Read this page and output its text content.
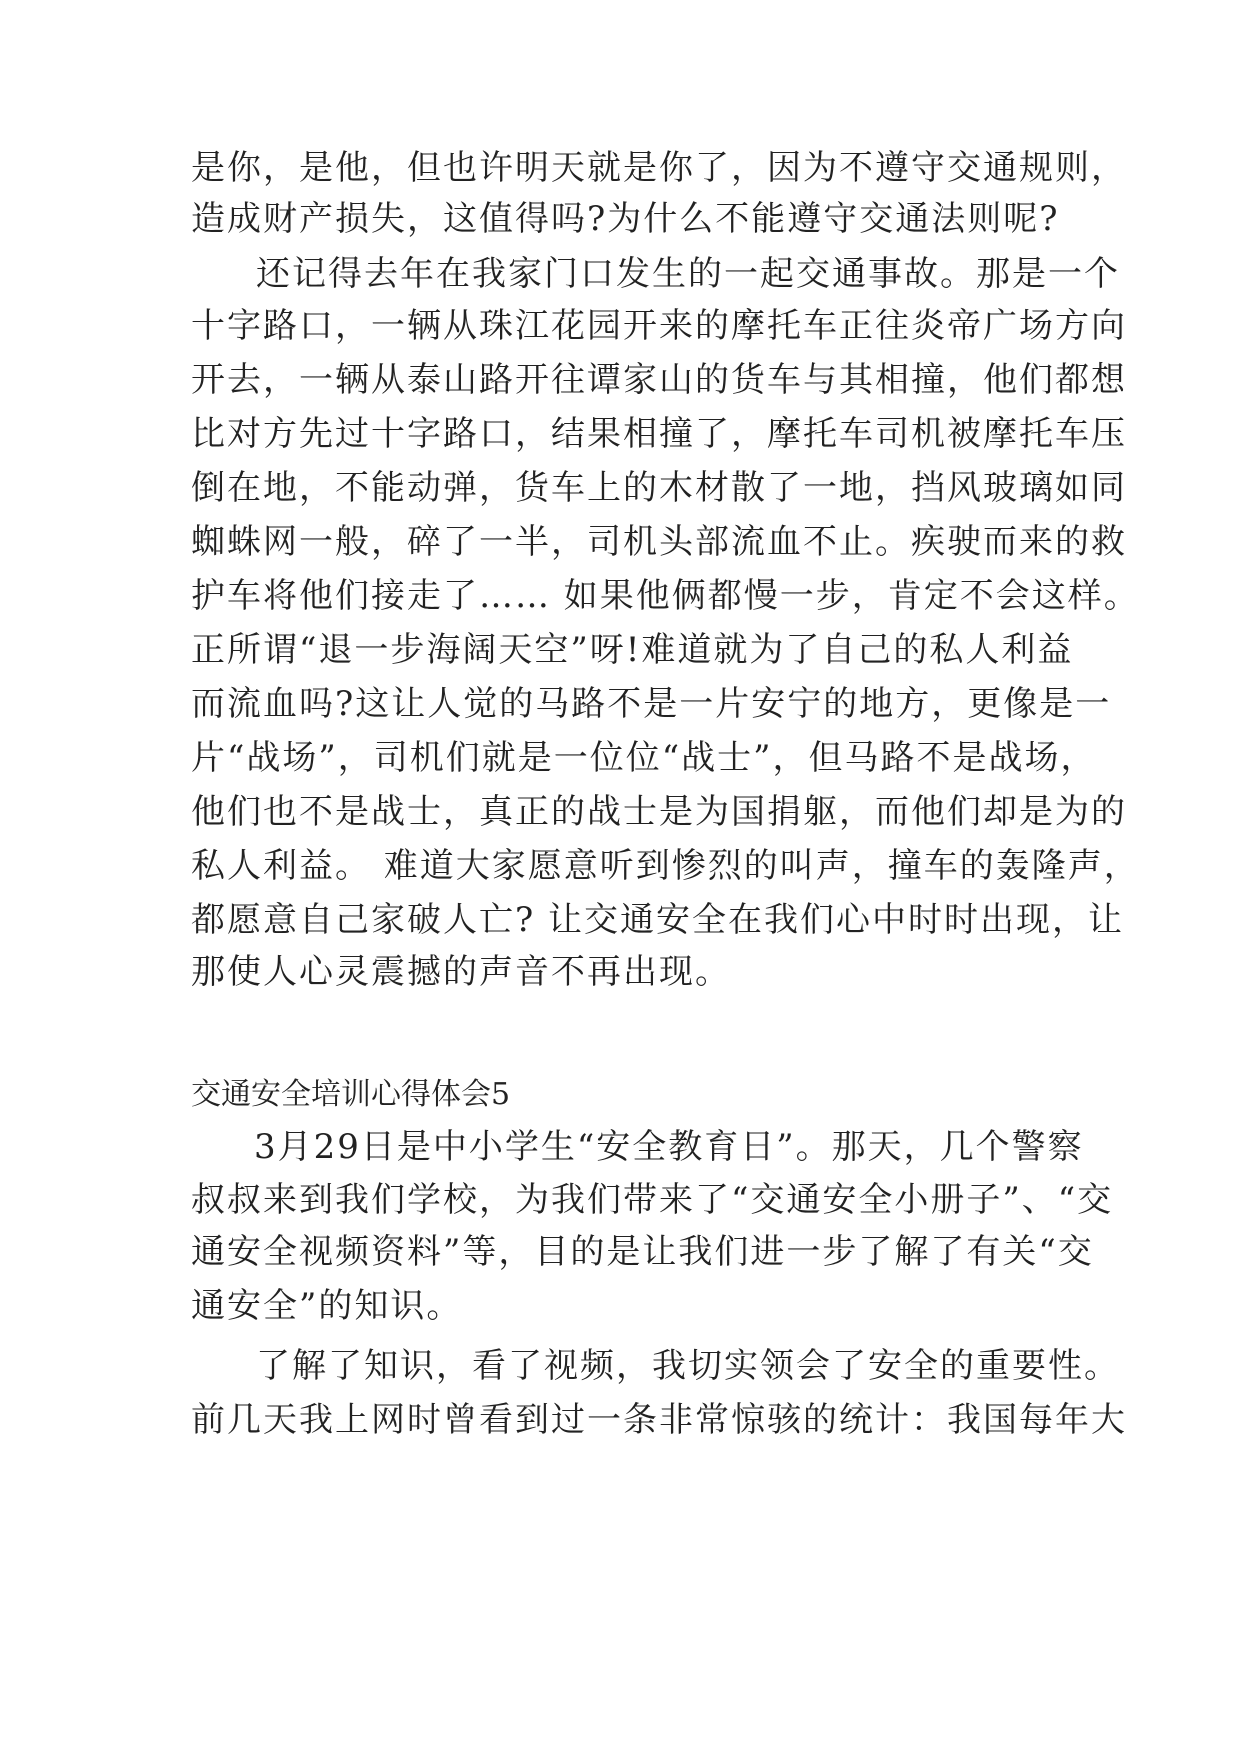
是你，是他，但也许明天就是你了，因为不遵守交通规则，
造成财产损失，这值得吗?为什么不能遵守交通法则呢?
还记得去年在我家门口发生的一起交通事故。那是一个
十字路口，一辆从珠江花园开来的摩托车正往炎帝广场方向
开去，一辆从泰山路开往谭家山的货车与其相撞，他们都想
比对方先过十字路口，结果相撞了，摩托车司机被摩托车压
倒在地，不能动弹，货车上的木材散了一地，挡风玻璃如同
蜘蛛网一般，碎了一半，司机头部流血不止。疾驶而来的救
护车将他们接走了…… 如果他俩都慢一步，肯定不会这样。
正所谓“退一步海阔天空”呀!难道就为了自己的私人利益
而流血吗?这让人觉的马路不是一片安宁的地方，更像是一
片“战场”，司机们就是一位位“战士”，但马路不是战场，
他们也不是战士，真正的战士是为国捐躯，而他们却是为的
私人利益。 难道大家愿意听到惨烈的叫声，撞车的轰隆声，
都愿意自己家破人亡? 让交通安全在我们心中时时出现，让
那使人心灵震撼的声音不再出现。
交通安全培训心得体会5
3月29日是中小学生“安全教育日”。那天，几个警察
叔叔来到我们学校，为我们带来了“交通安全小册子”、“交
通安全视频资料”等，目的是让我们进一步了解了有关“交
通安全”的知识。
了解了知识，看了视频，我切实领会了安全的重要性。
前几天我上网时曾看到过一条非常惊骇的统计：我国每年大
